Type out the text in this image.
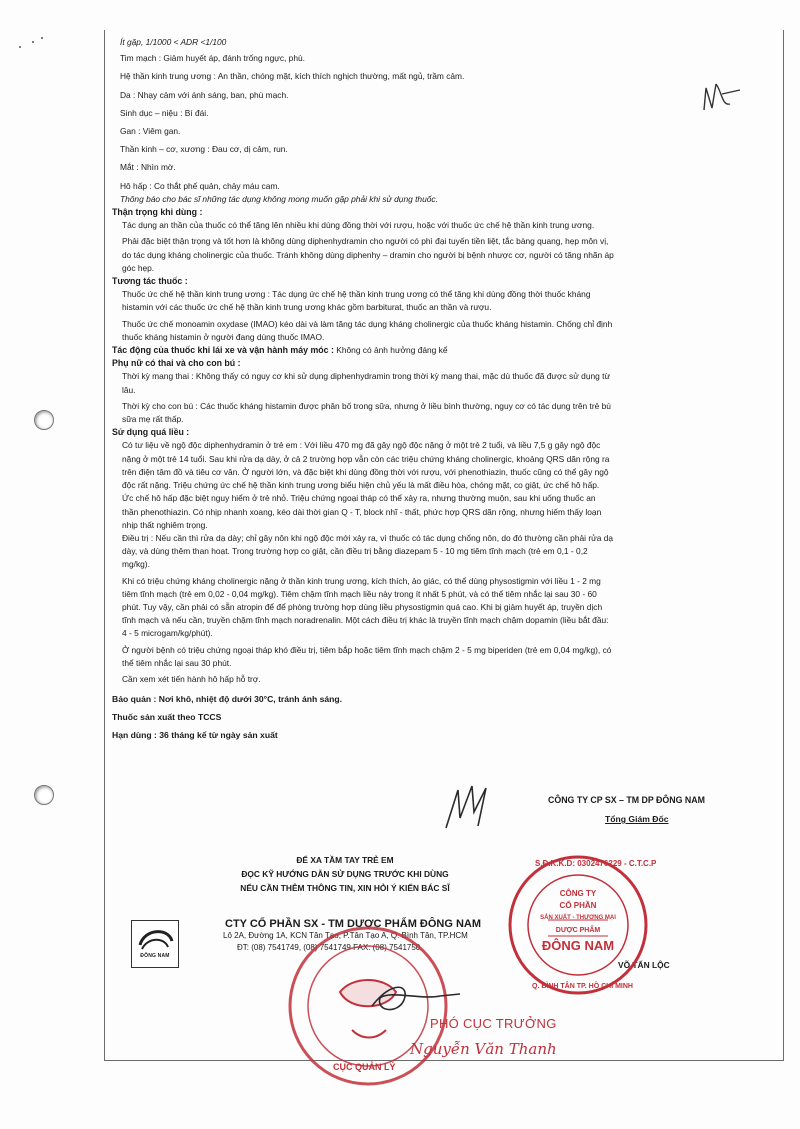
Ít gặp, 1/1000 < ADR <1/100
Tim mạch : Giảm huyết áp, đánh trống ngực, phù.
Hệ thần kinh trung ương : An thần, chóng mặt, kích thích nghịch thường, mất ngủ, trầm cảm.
Da : Nhạy cảm với ánh sáng, ban, phù mạch.
Sinh dục – niệu : Bí đái.
Gan : Viêm gan.
Thần kinh – cơ, xương : Đau cơ, dị cảm, run.
Mắt : Nhìn mờ.
Hô hấp : Co thắt phế quản, chảy máu cam.
Thông báo cho bác sĩ những tác dụng không mong muốn gặp phải khi sử dụng thuốc.
Thận trọng khi dùng :
Tác dụng an thần của thuốc có thể tăng lên nhiều khi dùng đồng thời với rượu, hoặc với thuốc ức chế hệ thần kinh trung ương.
Phải đặc biệt thận trọng và tốt hơn là không dùng diphenhydramin cho người có phì đại tuyến tiền liệt, tắc bàng quang, hẹp môn vị,
do tác dụng kháng cholinergic của thuốc. Tránh không dùng diphenhy – dramin cho người bị bệnh nhược cơ, người có tăng nhãn áp
góc hẹp.
Tương tác thuốc :
Thuốc ức chế hệ thần kinh trung ương : Tác dụng ức chế hệ thần kinh trung ương có thể tăng khi dùng đồng thời thuốc kháng
histamin với các thuốc ức chế hệ thần kinh trung ương khác gồm barbiturat, thuốc an thần và rượu.
Thuốc ức chế monoamin oxydase (IMAO) kéo dài và làm tăng tác dụng kháng cholinergic của thuốc kháng histamin. Chống chỉ định
thuốc kháng histamin ở người đang dùng thuốc IMAO.
Tác động của thuốc khi lái xe và vận hành máy móc : Không có ảnh hưởng đáng kể
Phụ nữ có thai và cho con bú :
Thời kỳ mang thai : Không thấy có nguy cơ khi sử dụng diphenhydramin trong thời kỳ mang thai, mặc dù thuốc đã được sử dụng từ
lâu.
Thời kỳ cho con bú : Các thuốc kháng histamin được phân bố trong sữa, nhưng ở liều bình thường, nguy cơ có tác dụng trên trẻ bú
sữa mẹ rất thấp.
Sử dụng quá liều :
Có tư liệu về ngộ độc diphenhydramin ở trẻ em : Với liều 470 mg đã gây ngộ độc nặng ở một trẻ 2 tuổi, và liều 7,5 g gây ngộ độc
nặng ở một trẻ 14 tuổi. Sau khi rửa dạ dày, ở cả 2 trường hợp vẫn còn các triệu chứng kháng cholinergic, khoảng QRS dãn rộng ra
trên điện tâm đồ và tiêu cơ vân. Ở người lớn, và đặc biệt khi dùng đồng thời với rượu, với phenothiazin, thuốc cũng có thể gây ngộ
độc rất nặng. Triệu chứng ức chế hệ thần kinh trung ương biểu hiện chủ yếu là mất điều hòa, chóng mặt, co giật, ức chế hô hấp.
Ức chế hô hấp đặc biệt nguy hiểm ở trẻ nhỏ. Triệu chứng ngoại tháp có thể xảy ra, nhưng thường muộn, sau khi uống thuốc an
thần phenothiazin. Có nhịp nhanh xoang, kéo dài thời gian Q - T, block nhĩ - thất, phức hợp QRS dãn rộng, nhưng hiếm thấy loạn
nhịp thất nghiêm trọng.
Điều trị : Nếu cần thì rửa dạ dày; chỉ gây nôn khi ngộ độc mới xảy ra, vì thuốc có tác dụng chống nôn, do đó thường cần phải rửa dạ
dày, và dùng thêm than hoạt. Trong trường hợp co giật, cần điều trị bằng diazepam 5 - 10 mg tiêm tĩnh mạch (trẻ em 0,1 - 0,2
mg/kg).
Khi có triệu chứng kháng cholinergic nặng ở thần kinh trung ương, kích thích, ảo giác, có thể dùng physostigmin với liều 1 - 2 mg
tiêm tĩnh mạch (trẻ em 0,02 - 0,04 mg/kg). Tiêm chậm tĩnh mạch liều này trong ít nhất 5 phút, và có thể tiêm nhắc lại sau 30 - 60
phút. Tuy vậy, cần phải có sẵn atropin để để phòng trường hợp dùng liều physostigmin quá cao. Khi bị giảm huyết áp, truyền dịch
tĩnh mạch và nếu cần, truyền chậm tĩnh mạch noradrenalin. Một cách điều trị khác là truyền tĩnh mạch chậm dopamin (liều bắt đầu:
4 - 5 microgam/kg/phút).
Ở người bệnh có triệu chứng ngoại tháp khó điều trị, tiêm bắp hoặc tiêm tĩnh mạch chậm 2 - 5 mg biperiden (trẻ em 0,04 mg/kg), có
thể tiêm nhắc lại sau 30 phút.
Cần xem xét tiến hành hô hấp hỗ trợ.
Bảo quản : Nơi khô, nhiệt độ dưới 30°C, tránh ánh sáng.
Thuốc sản xuất theo TCCS
Hạn dùng : 36 tháng kể từ ngày sản xuất
CÔNG TY CP SX – TM DP ĐÔNG NAM
Tổng Giám Đốc
ĐỂ XA TẦM TAY TRẺ EM
ĐỌC KỸ HƯỚNG DẪN SỬ DỤNG TRƯỚC KHI DÙNG
NẾU CẦN THÊM THÔNG TIN, XIN HỎI Ý KIẾN BÁC SĨ
ĐÔNG NAM
CTY CỔ PHẦN SX - TM DƯỢC PHẨM ĐÔNG NAM
Lô 2A, Đường 1A, KCN Tân Tạo, P.Tân Tạo A, Q. Bình Tân, TP.HCM
ĐT: (08) 7541749, (08) 7541749 FAX: (08) 7541750.
VÕ TẤN LỘC
CỤC QUẢN LÝ
S.Đ.K.K.D: 0302476229 - C.T.C.P
CÔNG TY
CỔ PHẦN
SẢN XUẤT - THƯƠNG MẠI
DƯỢC PHẨM
ĐÔNG NAM
Q. BÌNH TÂN TP. HỒ CHÍ MINH
PHÓ CỤC TRƯỞNG
Nguyễn Văn Thanh
